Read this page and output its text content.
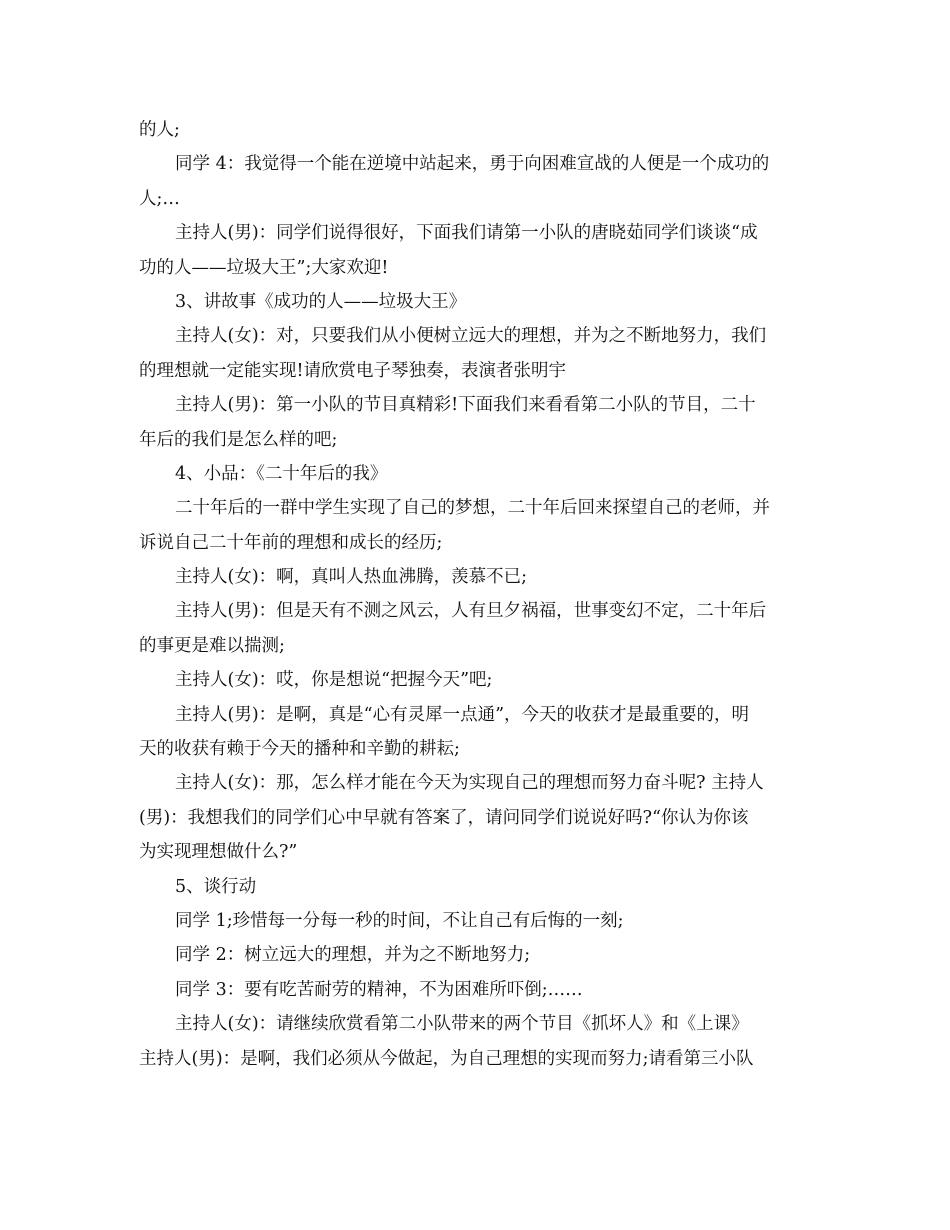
的人;
同学 4：我觉得一个能在逆境中站起来，勇于向困难宣战的人便是一个成功的
人;…
主持人(男)：同学们说得很好，下面我们请第一小队的唐晓茹同学们谈谈“成
功的人——垃圾大王”;大家欢迎!
3、讲故事《成功的人——垃圾大王》
主持人(女)：对，只要我们从小便树立远大的理想，并为之不断地努力，我们
的理想就一定能实现!请欣赏电子琴独奏，表演者张明宇
主持人(男)：第一小队的节目真精彩!下面我们来看看第二小队的节目，二十
年后的我们是怎么样的吧;
4、小品：《二十年后的我》
二十年后的一群中学生实现了自己的梦想，二十年后回来探望自己的老师，并
诉说自己二十年前的理想和成长的经历;
主持人(女)：啊，真叫人热血沸腾，羡慕不已;
主持人(男)：但是天有不测之风云，人有旦夕祸福，世事变幻不定，二十年后
的事更是难以揣测;
主持人(女)：哎，你是想说“把握今天”吧;
主持人(男)：是啊，真是“心有灵犀一点通”，今天的收获才是最重要的，明
天的收获有赖于今天的播种和辛勤的耕耘;
主持人(女)：那，怎么样才能在今天为实现自己的理想而努力奋斗呢? 主持人
(男)：我想我们的同学们心中早就有答案了，请问同学们说说好吗?“你认为你该
为实现理想做什么?”
5、谈行动
同学 1;珍惜每一分每一秒的时间，不让自己有后悔的一刻;
同学 2：树立远大的理想，并为之不断地努力;
同学 3：要有吃苦耐劳的精神，不为困难所吓倒;……
主持人(女)：请继续欣赏看第二小队带来的两个节目《抓坏人》和《上课》
主持人(男)：是啊，我们必须从今做起，为自己理想的实现而努力;请看第三小队
